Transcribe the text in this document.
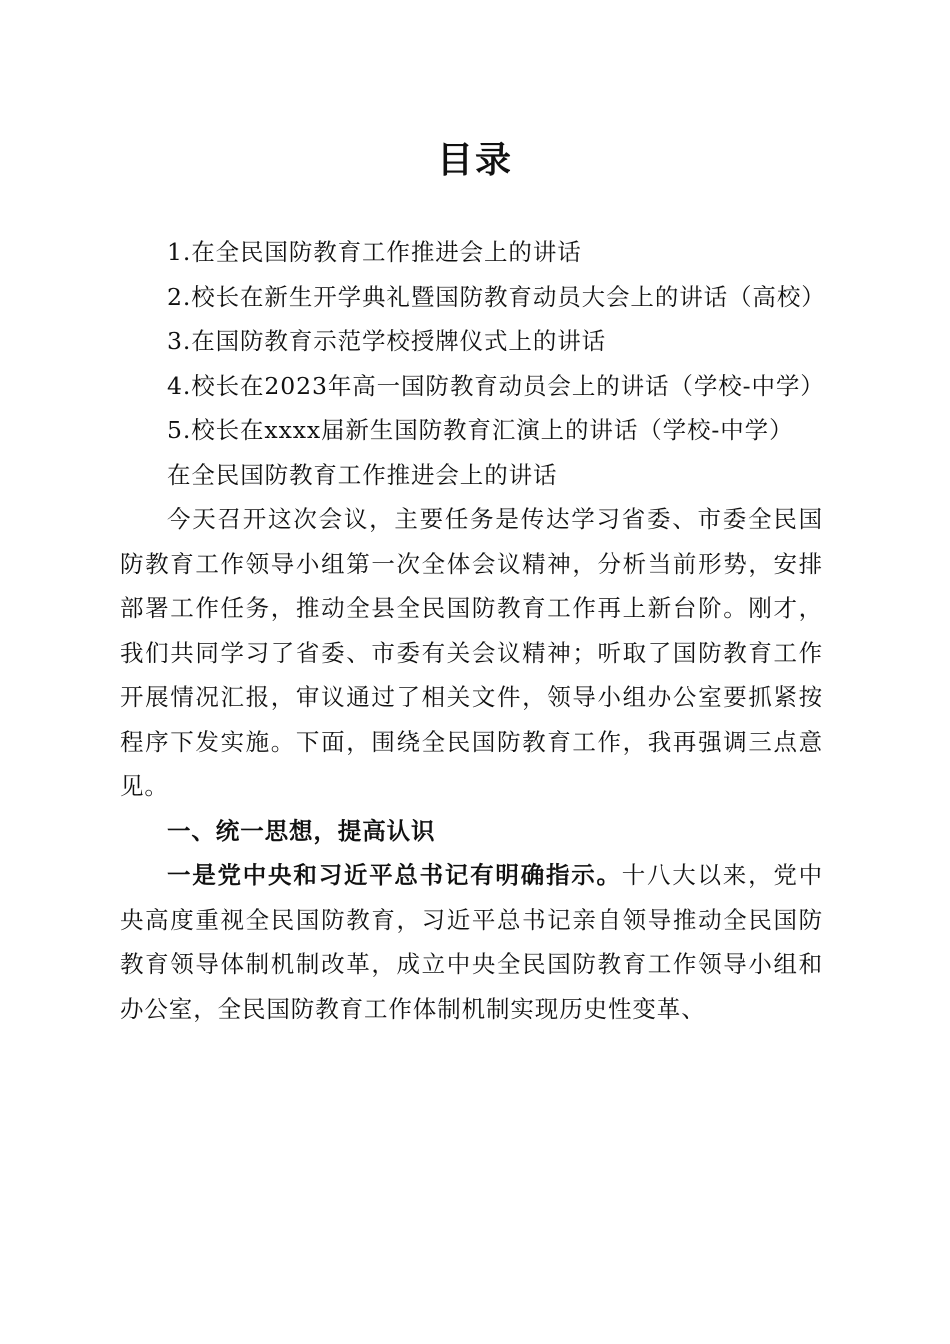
目录

1.在全民国防教育工作推进会上的讲话

2.校长在新生开学典礼暨国防教育动员大会上的讲话（高校）

3.在国防教育示范学校授牌仪式上的讲话

4.校长在2023年高一国防教育动员会上的讲话（学校-中学）

5.校长在xxxx届新生国防教育汇演上的讲话（学校-中学）

在全民国防教育工作推进会上的讲话

今天召开这次会议，主要任务是传达学习省委、市委全民国防教育工作领导小组第一次全体会议精神，分析当前形势，安排部署工作任务，推动全县全民国防教育工作再上新台阶。刚才，我们共同学习了省委、市委有关会议精神；听取了国防教育工作开展情况汇报，审议通过了相关文件，领导小组办公室要抓紧按程序下发实施。下面，围绕全民国防教育工作，我再强调三点意见。

一、统一思想，提高认识

一是党中央和习近平总书记有明确指示。十八大以来，党中央高度重视全民国防教育，习近平总书记亲自领导推动全民国防教育领导体制机制改革，成立中央全民国防教育工作领导小组和办公室，全民国防教育工作体制机制实现历史性变革、
